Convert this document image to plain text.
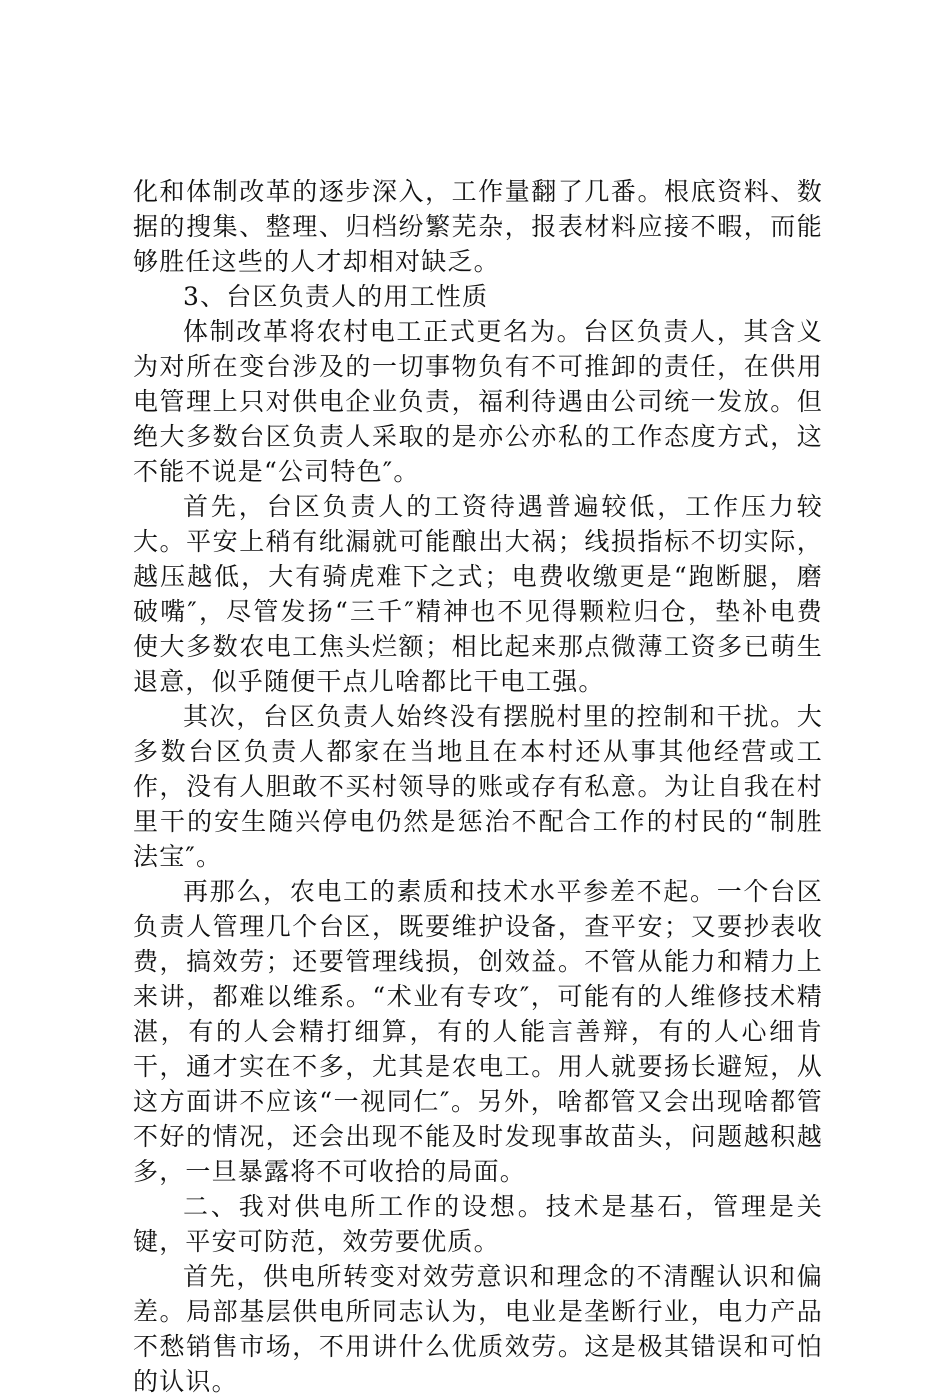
化和体制改革的逐步深入，工作量翻了几番。根底资料、数据的搜集、整理、归档纷繁芜杂，报表材料应接不暇，而能够胜任这些的人才却相对缺乏。

3、台区负责人的用工性质

体制改革将农村电工正式更名为。台区负责人，其含义为对所在变台涉及的一切事物负有不可推卸的责任，在供用电管理上只对供电企业负责，福利待遇由公司统一发放。但绝大多数台区负责人采取的是亦公亦私的工作态度方式，这不能不说是“公司特色″。

首先，台区负责人的工资待遇普遍较低，工作压力较大。平安上稍有纰漏就可能酿出大祸；线损指标不切实际，越压越低，大有骑虎难下之式；电费收缴更是“跑断腿，磨破嘴″，尽管发扬“三千″精神也不见得颗粒归仓，垫补电费使大多数农电工焦头烂额；相比起来那点微薄工资多已萌生退意，似乎随便干点儿啥都比干电工强。

其次，台区负责人始终没有摆脱村里的控制和干扰。大多数台区负责人都家在当地且在本村还从事其他经营或工作，没有人胆敢不买村领导的账或存有私意。为让自我在村里干的安生随兴停电仍然是惩治不配合工作的村民的“制胜法宝″。

再那么，农电工的素质和技术水平参差不起。一个台区负责人管理几个台区，既要维护设备，查平安；又要抄表收费，搞效劳；还要管理线损，创效益。不管从能力和精力上来讲，都难以维系。“术业有专攻″，可能有的人维修技术精湛，有的人会精打细算，有的人能言善辩，有的人心细肯干，通才实在不多，尤其是农电工。用人就要扬长避短，从这方面讲不应该“一视同仁″。另外，啥都管又会出现啥都管不好的情况，还会出现不能及时发现事故苗头，问题越积越多，一旦暴露将不可收拾的局面。

二、我对供电所工作的设想。技术是基石，管理是关键，平安可防范，效劳要优质。

首先，供电所转变对效劳意识和理念的不清醒认识和偏差。局部基层供电所同志认为，电业是垄断行业，电力产品不愁销售市场，不用讲什么优质效劳。这是极其错误和可怕的认识。
